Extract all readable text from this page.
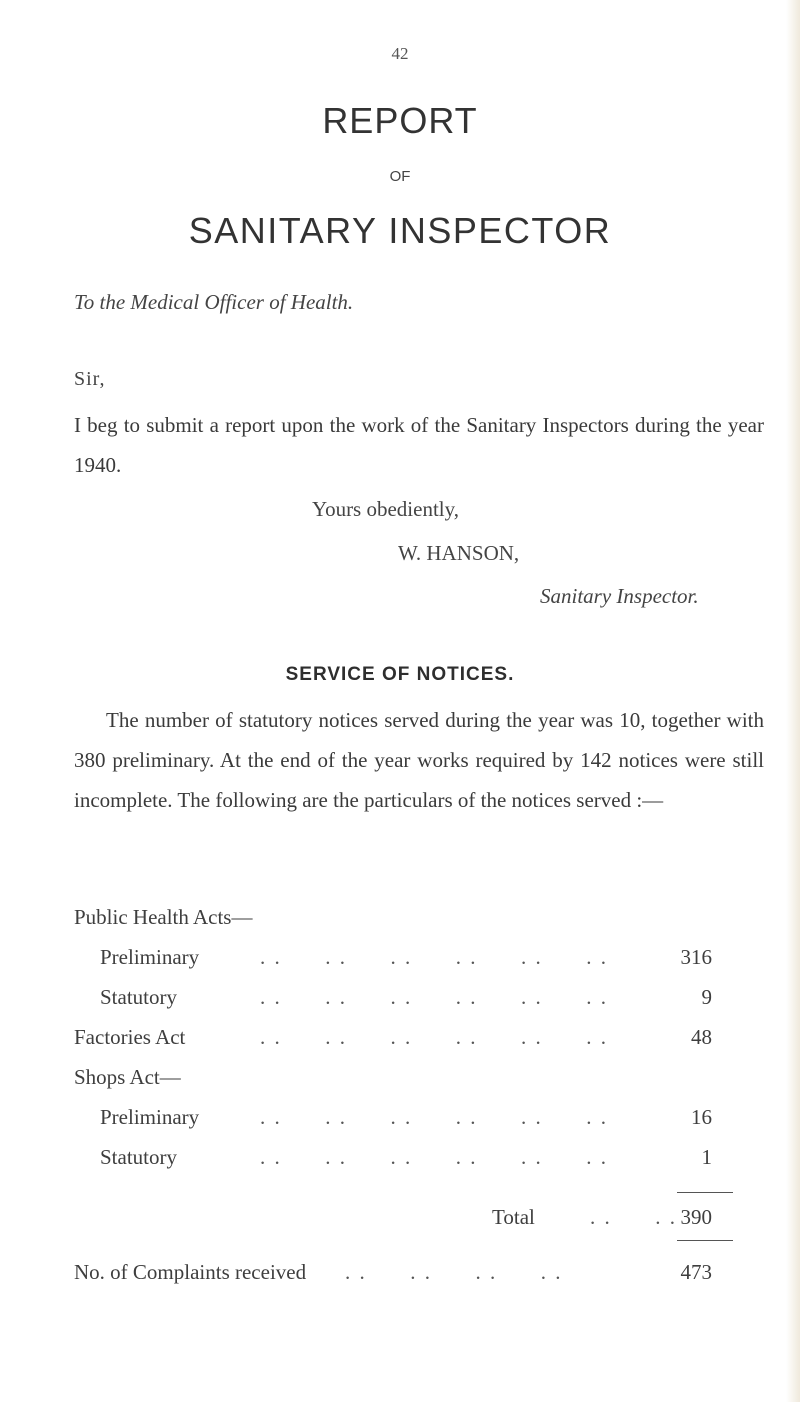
42
REPORT
OF
SANITARY INSPECTOR
To the Medical Officer of Health.
Sir,
I beg to submit a report upon the work of the Sanitary Inspectors during the year 1940.
Yours obediently,
W. HANSON,
Sanitary Inspector.
SERVICE OF NOTICES.
The number of statutory notices served during the year was 10, together with 380 preliminary. At the end of the year works required by 142 notices were still incomplete. The following are the particulars of the notices served :—
Public Health Acts—
Preliminary	. .      . .      . .      . .      . .      . .	316
Statutory	. .      . .      . .      . .      . .      . .	9
Factories Act	. .      . .      . .      . .      . .      . .	48
Shops Act—
Preliminary	. .      . .      . .      . .      . .      . .	16
Statutory	. .      . .      . .      . .      . .      . .	1
Total	. .      . . 390
No. of Complaints received . .      . .      . .      . .	473
